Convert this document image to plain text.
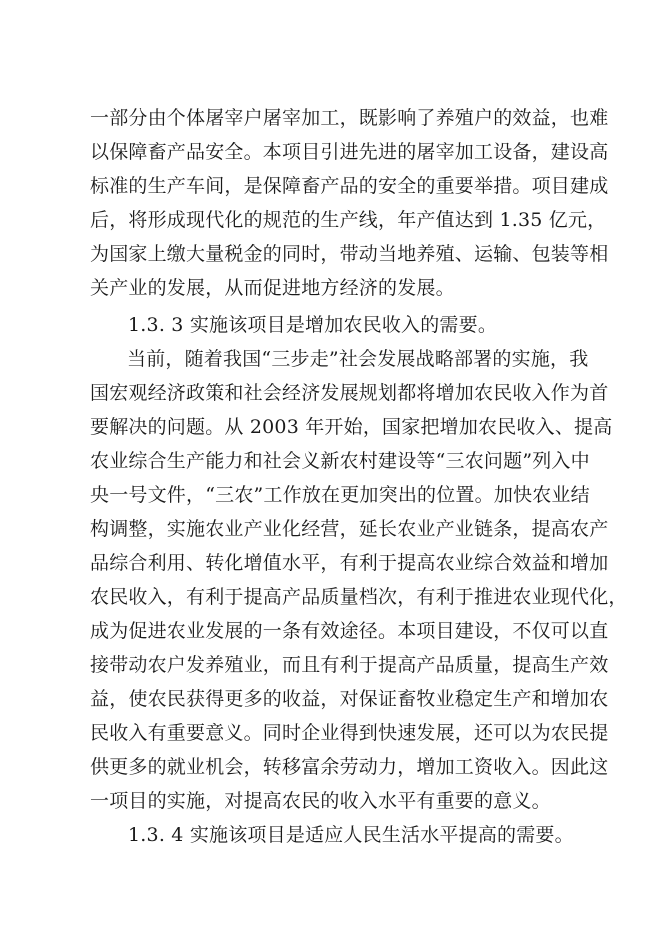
一部分由个体屠宰户屠宰加工，既影响了养殖户的效益，也难
以保障畜产品安全。本项目引进先进的屠宰加工设备，建设高
标准的生产车间，是保障畜产品的安全的重要举措。项目建成
后，将形成现代化的规范的生产线，年产值达到 1.35 亿元，
为国家上缴大量税金的同时，带动当地养殖、运输、包装等相
关产业的发展，从而促进地方经济的发展。
1.3. 3 实施该项目是增加农民收入的需要。
当前，随着我国“三步走”社会发展战略部署的实施，我
国宏观经济政策和社会经济发展规划都将增加农民收入作为首
要解决的问题。从 2003 年开始，国家把增加农民收入、提高
农业综合生产能力和社会义新农村建设等“三农问题”列入中
央一号文件，“三农”工作放在更加突出的位置。加快农业结
构调整，实施农业产业化经营，延长农业产业链条，提高农产
品综合利用、转化增值水平，有利于提高农业综合效益和增加
农民收入，有利于提高产品质量档次，有利于推进农业现代化，
成为促进农业发展的一条有效途径。本项目建设，不仅可以直
接带动农户发养殖业，而且有利于提高产品质量，提高生产效
益，使农民获得更多的收益，对保证畜牧业稳定生产和增加农
民收入有重要意义。同时企业得到快速发展，还可以为农民提
供更多的就业机会，转移富余劳动力，增加工资收入。因此这
一项目的实施，对提高农民的收入水平有重要的意义。
1.3. 4 实施该项目是适应人民生活水平提高的需要。
